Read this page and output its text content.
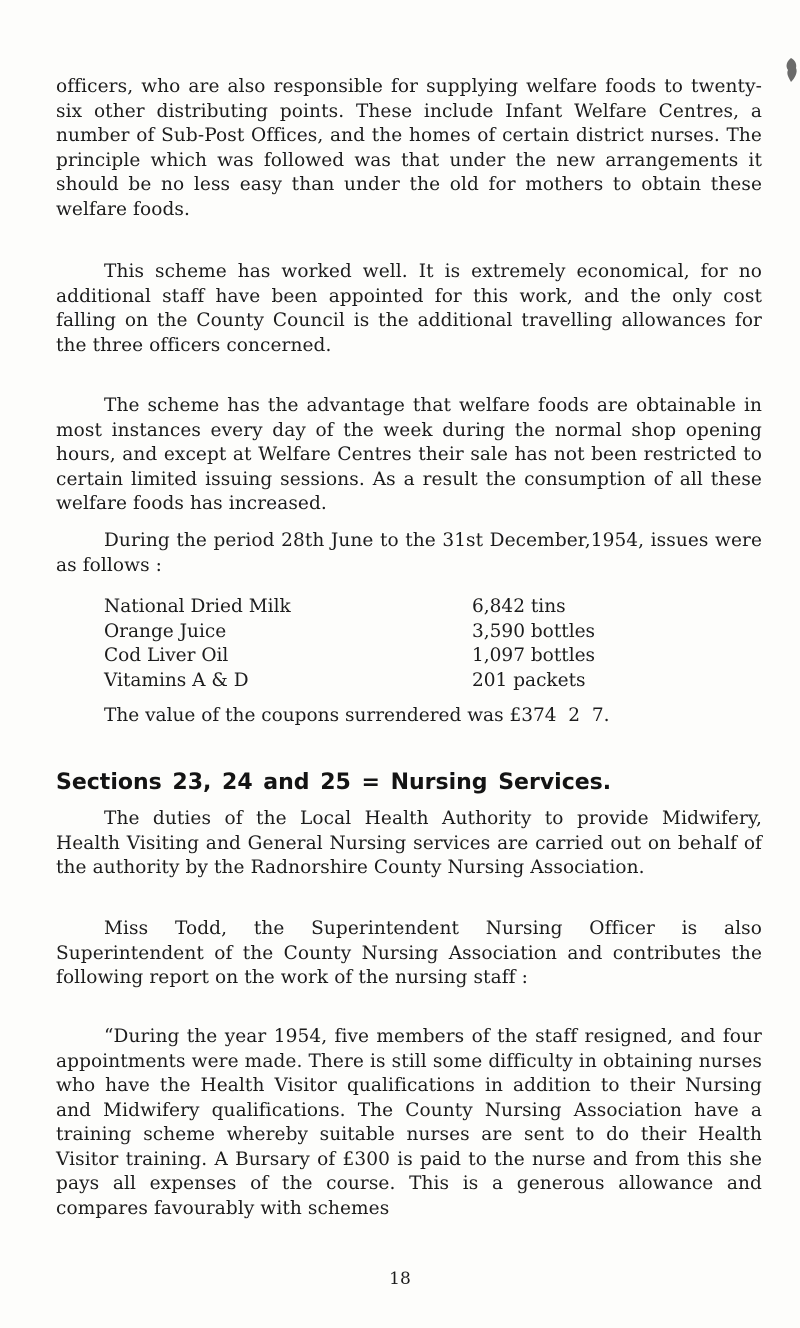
officers, who are also responsible for supplying welfare foods to twenty-six other distributing points. These include Infant Welfare Centres, a number of Sub-Post Offices, and the homes of certain district nurses. The principle which was followed was that under the new arrangements it should be no less easy than under the old for mothers to obtain these welfare foods.

This scheme has worked well. It is extremely economical, for no additional staff have been appointed for this work, and the only cost falling on the County Council is the additional travelling allowances for the three officers concerned.

The scheme has the advantage that welfare foods are obtainable in most instances every day of the week during the normal shop opening hours, and except at Welfare Centres their sale has not been restricted to certain limited issuing sessions. As a result the consumption of all these welfare foods has increased.

During the period 28th June to the 31st December,1954, issues were as follows :

National Dried Milk	6,842 tins
Orange Juice	3,590 bottles
Cod Liver Oil	1,097 bottles
Vitamins A & D	201 packets
The value of the coupons surrendered was £374  2  7.
Sections 23, 24 and 25 = Nursing Services.

The duties of the Local Health Authority to provide Midwifery, Health Visiting and General Nursing services are carried out on behalf of the authority by the Radnorshire County Nursing Association.

Miss Todd, the Superintendent Nursing Officer is also Superintendent of the County Nursing Association and contributes the following report on the work of the nursing staff :

“During the year 1954, five members of the staff resigned, and four appointments were made. There is still some difficulty in obtaining nurses who have the Health Visitor qualifications in addition to their Nursing and Midwifery qualifications. The County Nursing Association have a training scheme whereby suitable nurses are sent to do their Health Visitor training. A Bursary of £300 is paid to the nurse and from this she pays all expenses of the course. This is a generous allowance and compares favourably with schemes

18
